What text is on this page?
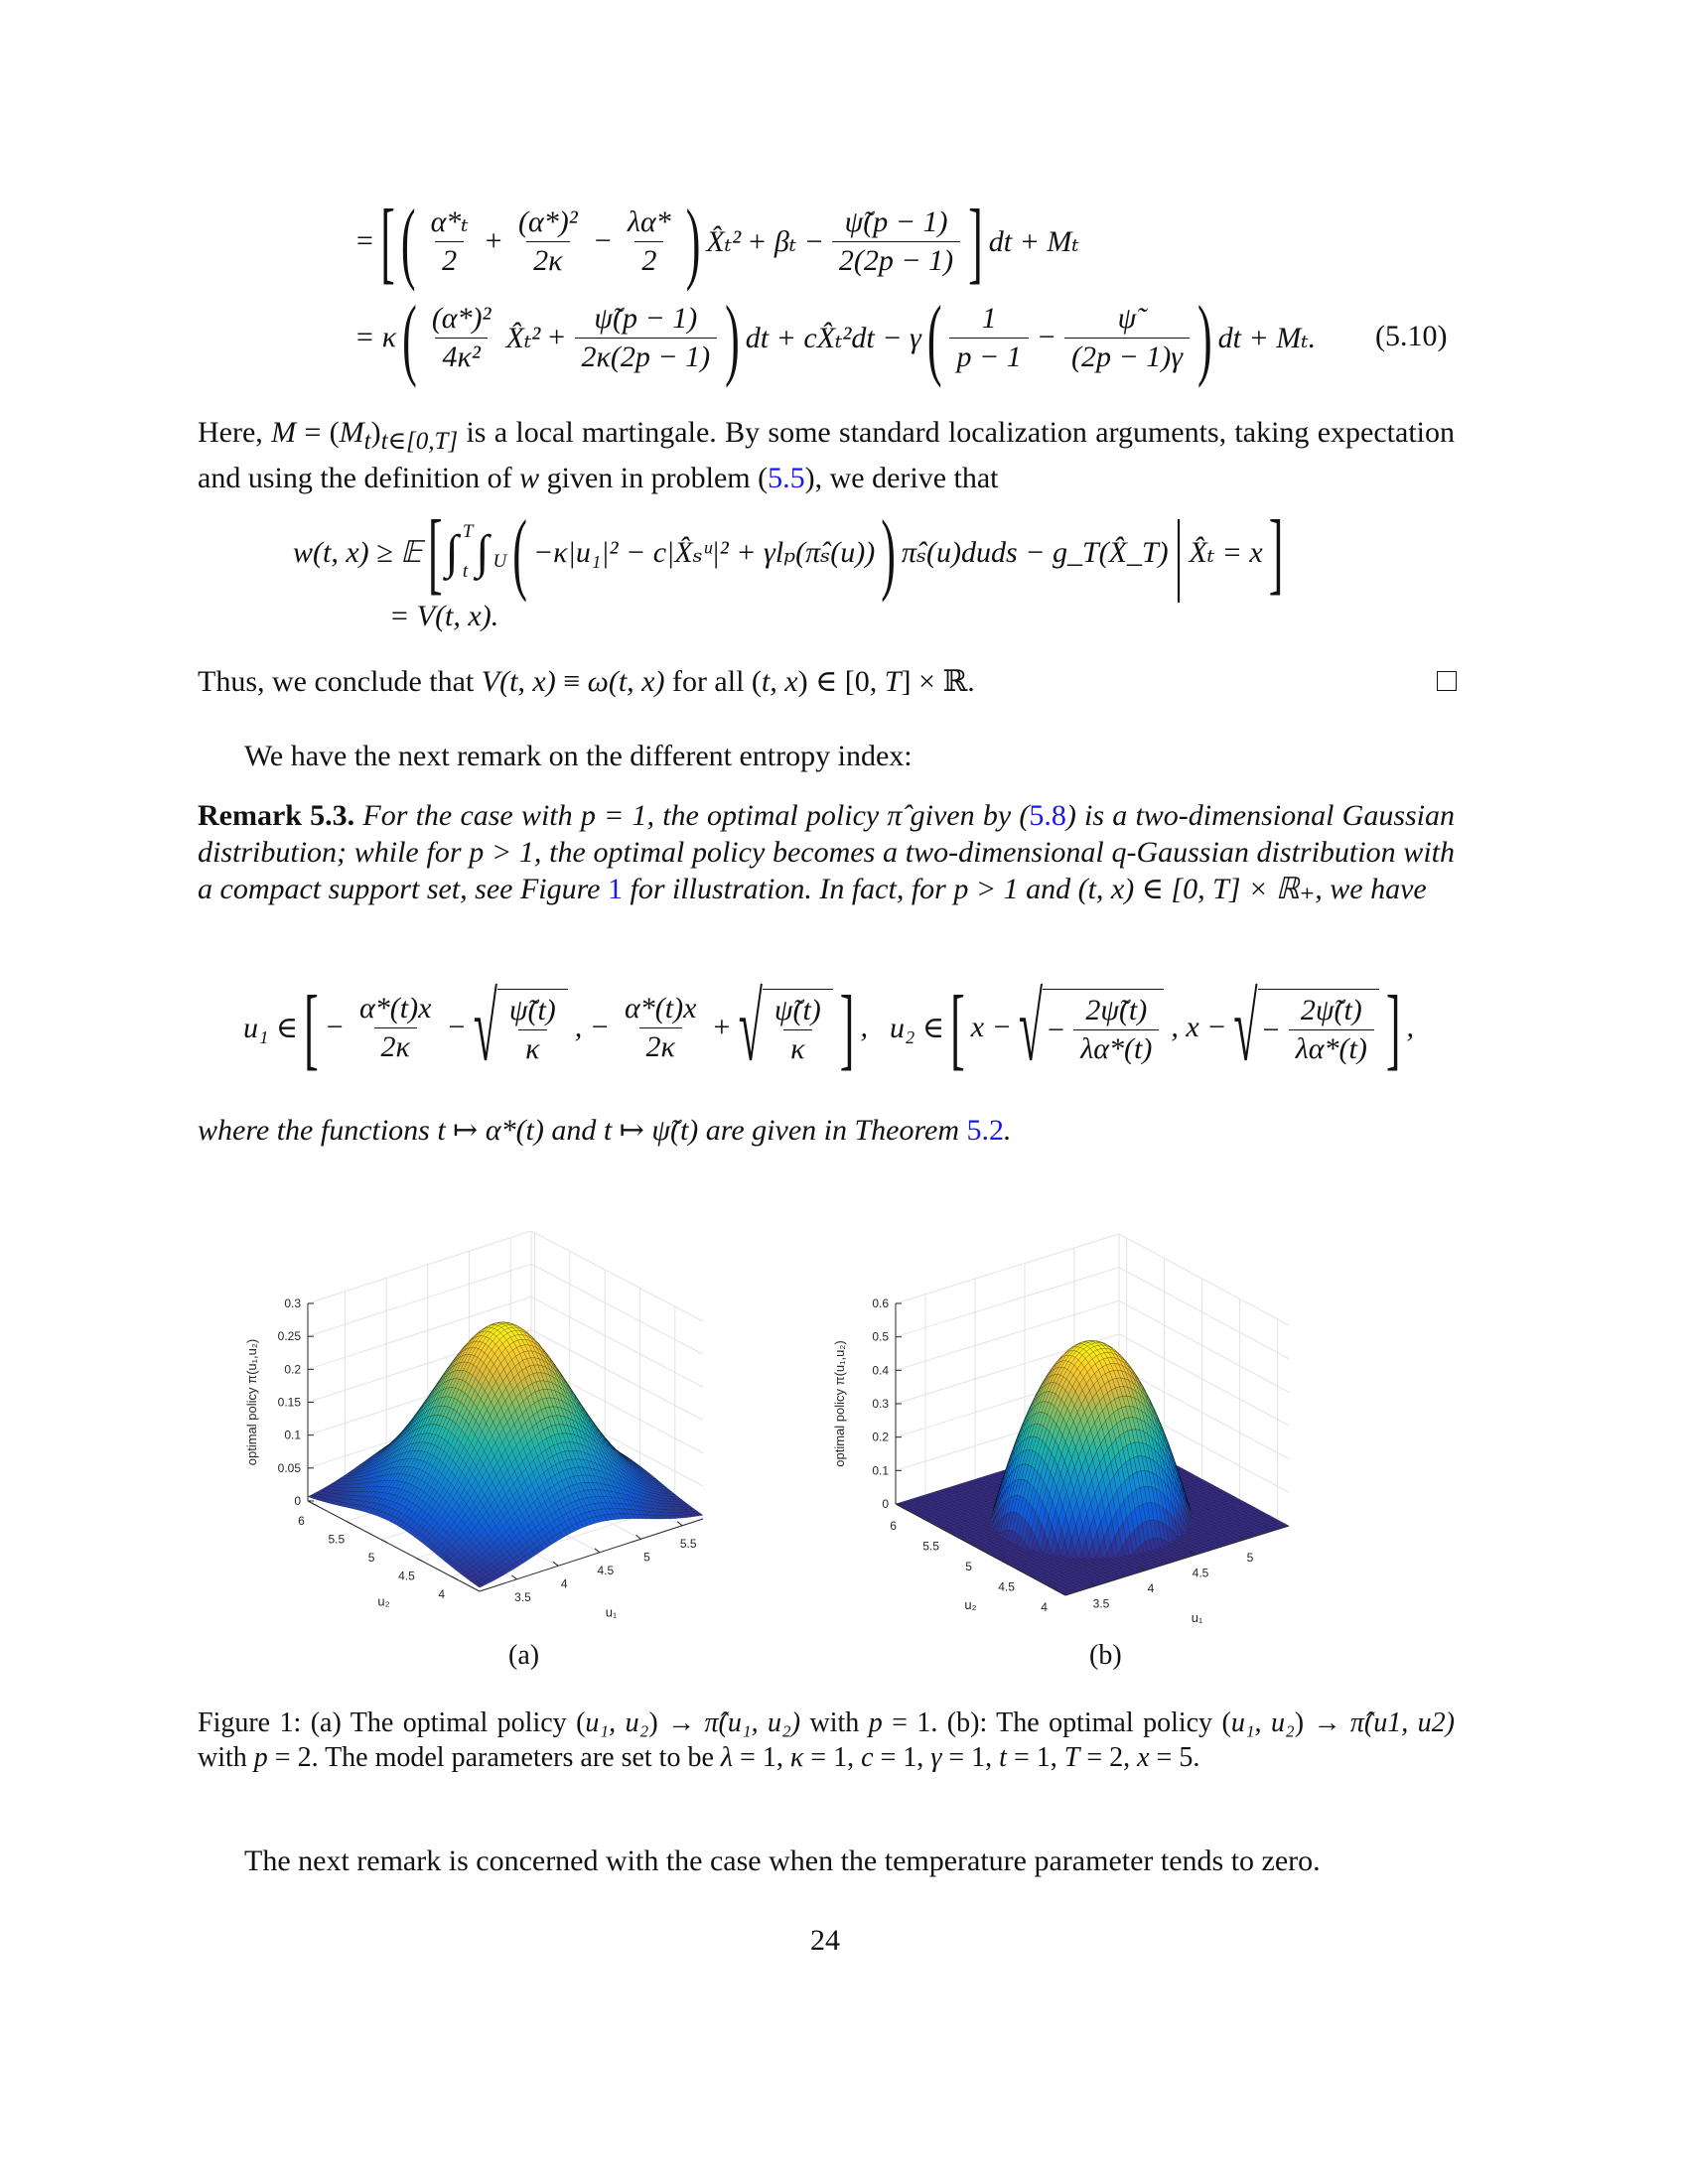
= [ ( $\frac{\text{α*ₜ}}{2} + \frac{\text{(α*)²}}{2\kappa} - \frac{\lambda\alpha*}{2}$ ) X̂ₜ² + $\beta_t - \frac{\psĩ(p - 1)}{2(2p - 1)}$ ] dt + Mₜ
= κ ( $\frac{\text{(α*)²}}{\text{4κ²}}$ X̂ₜ² + $\frac{\psĩ(p - 1)}{2\kappa(2p - 1)}$ ) dt + cX̂ₜ²dt − γ ( $\frac{1}{p - 1} - \frac{\psĩ}{(2p - 1)\gamma}$ ) dt + Mₜ. (5.10)
Here, $M = (M_t)_{t\in[0,T]}$ is a local martingale. By some standard localization arguments, taking expectation and using the definition of w given in problem (5.5), we derive that
w(t, x) ≥ 𝔼 [ ∫ T

t ∫
U ( −κ|u₁|² − c|X̂ₛᵘ|² + γlₚ(π̂ₛ(u)) ) π̂ₛ(u)duds − g_T(X̂_T) | X̂ₜ = x ]
= V(t, x).
Thus, we conclude that V(t, x) ≡ ω(t, x) for all (t, x) ∈ [0, T] × ℝ.
We have the next remark on the different entropy index:
Remark 5.3. For the case with p = 1, the optimal policy π̂ given by (5.8) is a two-dimensional Gaussian distribution; while for p > 1, the optimal policy becomes a two-dimensional q-Gaussian distribution with a compact support set, see Figure 1 for illustration. In fact, for p > 1 and (t, x) ∈ [0, T] × ℝ₊, we have
u₁ ∈ [ − $\frac{\alpha*(t)x}{2\kappa}$ − √ $\frac{\psĩ(t)}{\kappa}$ , − $\frac{\alpha*(t)x}{2\kappa}$ + √ $\frac{\psĩ(t)}{\kappa}$ ] , u₂ ∈ [ x − √ − $\frac{2\psĩ(t)}{\lambda\alpha*(t)}$ , x − √ − $\frac{2\psĩ(t)}{\lambda\alpha*(t)}$ ] ,
where the functions t ↦ α*(t) and t ↦ ψ̃(t) are given in Theorem 5.2.
0
0.05
0.1
0.15
0.2
0.25
0.3
4
4.5
5
5.5
6
3.5
4
4.5
5
5.5
u₂
u₁
optimal policy π(u₁,u₂)
0
0.1
0.2
0.3
0.4
0.5
0.6
4
4.5
5
5.5
6
3.5
4
4.5
5
u₂
u₁
optimal policy π(u₁,u₂)
(a)	(b)
Figure 1: (a) The optimal policy (u₁, u₂) → π̂(u₁, u₂) with p = 1. (b): The optimal policy (u₁, u₂) → π̂(u1, u2) with p = 2. The model parameters are set to be λ = 1, κ = 1, c = 1, γ = 1, t = 1, T = 2, x = 5.
The next remark is concerned with the case when the temperature parameter tends to zero.
24
